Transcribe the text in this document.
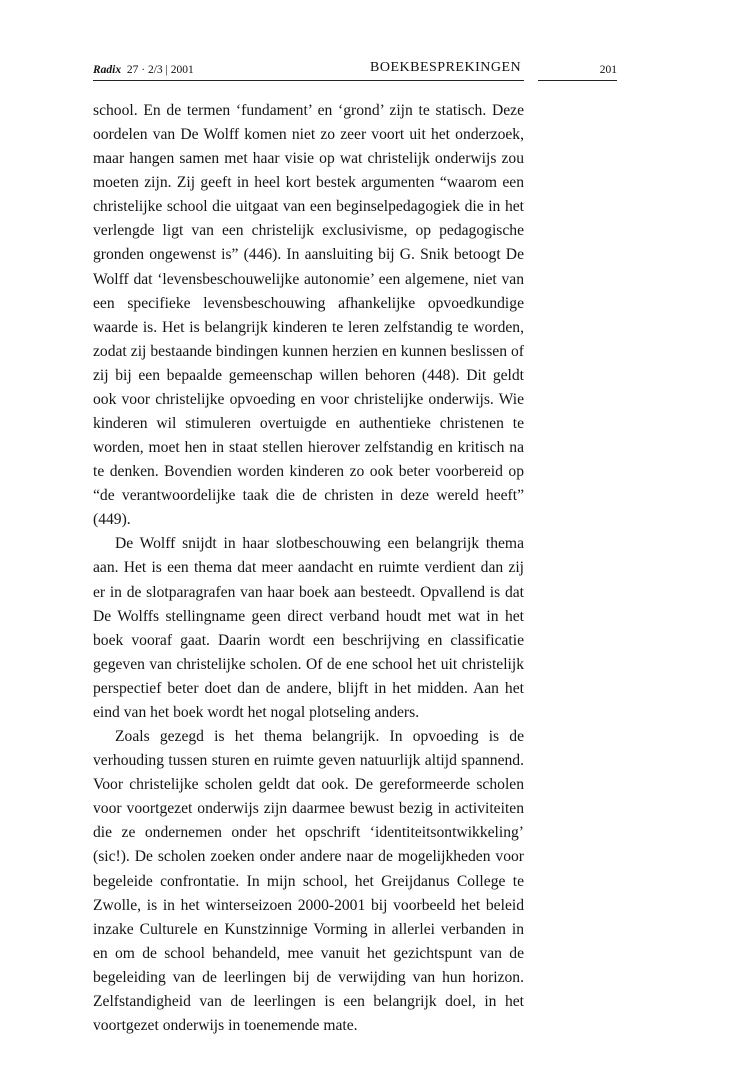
Radix 27 · 2/3 | 2001	BOEKBESPREKINGEN	201

school. En de termen ‘fundament’ en ‘grond’ zijn te statisch. Deze oordelen van De Wolff komen niet zo zeer voort uit het onderzoek, maar hangen samen met haar visie op wat christelijk onderwijs zou moeten zijn. Zij geeft in heel kort bestek argumenten “waarom een christelijke school die uitgaat van een beginselpedagogiek die in het verlengde ligt van een christelijk exclusivisme, op pedagogische gronden ongewenst is” (446). In aansluiting bij G. Snik betoogt De Wolff dat ‘levensbeschouwelijke autonomie’ een algemene, niet van een specifieke levensbeschouwing afhankelijke opvoedkundige waarde is. Het is belangrijk kinderen te leren zelfstandig te worden, zodat zij bestaande bindingen kunnen herzien en kunnen beslissen of zij bij een bepaalde gemeenschap willen behoren (448). Dit geldt ook voor christelijke opvoeding en voor christelijke onderwijs. Wie kinderen wil stimuleren overtuigde en authentieke christenen te worden, moet hen in staat stellen hierover zelfstandig en kritisch na te denken. Bovendien worden kinderen zo ook beter voorbereid op “de verantwoordelijke taak die de christen in deze wereld heeft” (449).

De Wolff snijdt in haar slotbeschouwing een belangrijk thema aan. Het is een thema dat meer aandacht en ruimte verdient dan zij er in de slotparagrafen van haar boek aan besteedt. Opvallend is dat De Wolffs stellingname geen direct verband houdt met wat in het boek vooraf gaat. Daarin wordt een beschrijving en classificatie gegeven van christelijke scholen. Of de ene school het uit christelijk perspectief beter doet dan de andere, blijft in het midden. Aan het eind van het boek wordt het nogal plotseling anders.

Zoals gezegd is het thema belangrijk. In opvoeding is de verhouding tussen sturen en ruimte geven natuurlijk altijd spannend. Voor christelijke scholen geldt dat ook. De gereformeerde scholen voor voortgezet onderwijs zijn daarmee bewust bezig in activiteiten die ze ondernemen onder het opschrift ‘identiteitsontwikkeling’ (sic!). De scholen zoeken onder andere naar de mogelijkheden voor begeleide confrontatie. In mijn school, het Greijdanus College te Zwolle, is in het winterseizoen 2000-2001 bij voorbeeld het beleid inzake Culturele en Kunstzinnige Vorming in allerlei verbanden in en om de school behandeld, mee vanuit het gezichtspunt van de begeleiding van de leerlingen bij de verwijding van hun horizon. Zelfstandigheid van de leerlingen is een belangrijk doel, in het voortgezet onderwijs in toenemende mate.
